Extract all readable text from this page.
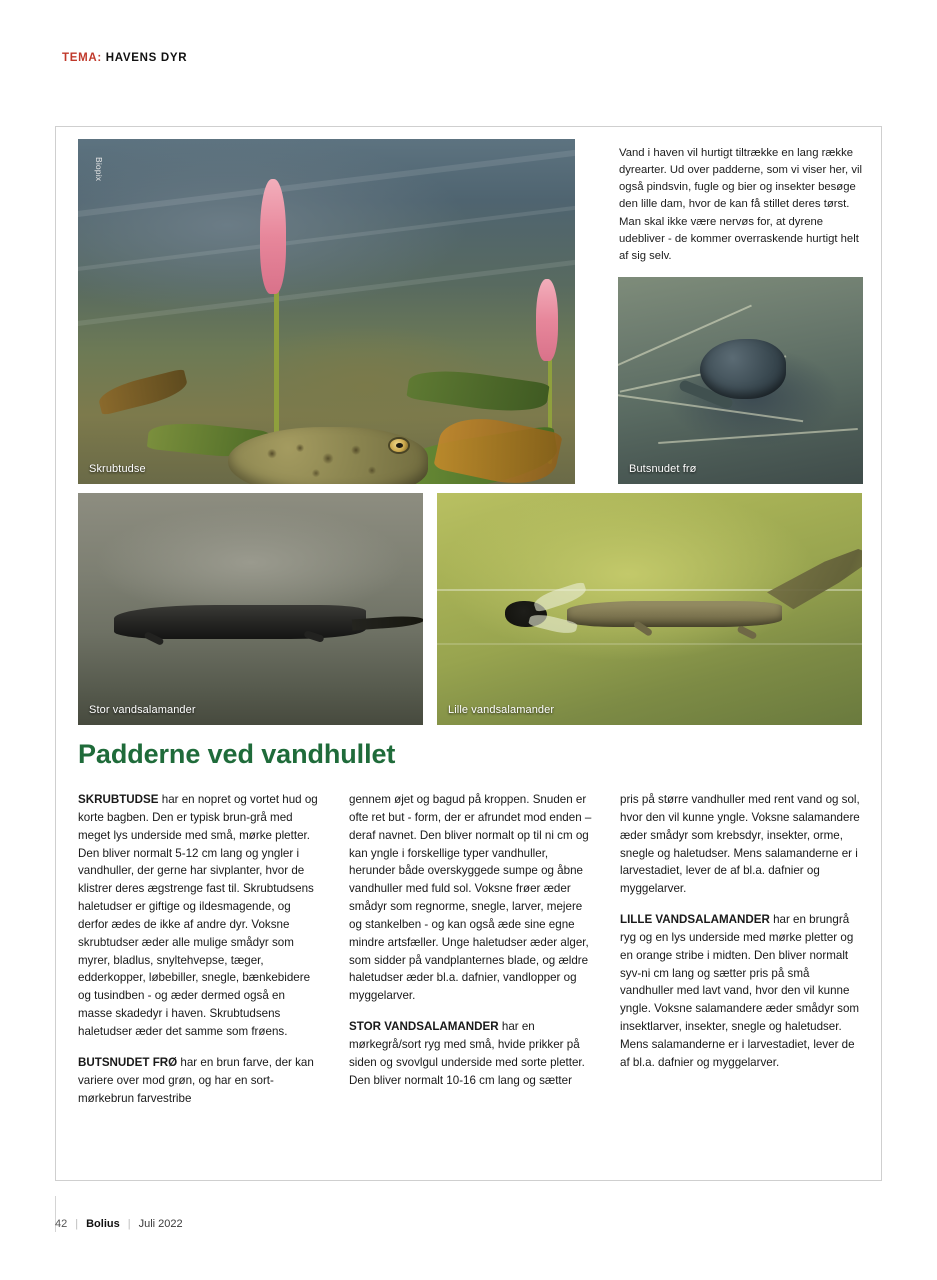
TEMA: HAVENS DYR
Biopix
Skrubtudse
Vand i haven vil hurtigt tiltrække en lang række dyrearter. Ud over padderne, som vi viser her, vil også pindsvin, fugle og bier og insekter besøge den lille dam, hvor de kan få stillet deres tørst. Man skal ikke være nervøs for, at dyrene udebliver - de kommer overraskende hurtigt helt af sig selv.
Butsnudet frø
Stor vandsalamander	Lille vandsalamander
Padderne ved vandhullet

SKRUBTUDSE har en nopret og vortet hud og korte bagben. Den er typisk brun-grå med meget lys underside med små, mørke pletter. Den bliver normalt 5-12 cm lang og yngler i vandhuller, der gerne har sivplanter, hvor de klistrer deres ægstrenge fast til. Skrubtudsens haletudser er giftige og ildesmagende, og derfor ædes de ikke af andre dyr. Voksne skrubtudser æder alle mulige smådyr som myrer, bladlus, snyltehvepse, tæger, edderkopper, løbebiller, snegle, bænkebidere og tusindben - og æder dermed også en masse skadedyr i haven. Skrubtudsens haletudser æder det samme som frøens.

BUTSNUDET FRØ har en brun farve, der kan variere over mod grøn, og har en sort-mørkebrun farvestribe

gennem øjet og bagud på kroppen. Snuden er ofte ret but - form, der er afrundet mod enden – deraf navnet. Den bliver normalt op til ni cm og kan yngle i forskellige typer vandhuller, herunder både overskyggede sumpe og åbne vandhuller med fuld sol. Voksne frøer æder smådyr som regnorme, snegle, larver, mejere og stankelben - og kan også æde sine egne mindre artsfæller. Unge haletudser æder alger, som sidder på vandplanternes blade, og ældre haletudser æder bl.a. dafnier, vandlopper og myggelarver.

STOR VANDSALAMANDER har en mørkegrå/sort ryg med små, hvide prikker på siden og svovlgul underside med sorte pletter. Den bliver normalt 10-16 cm lang og sætter

pris på større vandhuller med rent vand og sol, hvor den vil kunne yngle. Voksne salamandere æder smådyr som krebsdyr, insekter, orme, snegle og haletudser. Mens salamanderne er i larvestadiet, lever de af bl.a. dafnier og myggelarver.

LILLE VANDSALAMANDER har en brungrå ryg og en lys underside med mørke pletter og en orange stribe i midten. Den bliver normalt syv-ni cm lang og sætter pris på små vandhuller med lavt vand, hvor den vil kunne yngle. Voksne salamandere æder smådyr som insektlarver, insekter, snegle og haletudser. Mens salamanderne er i larvestadiet, lever de af bl.a. dafnier og myggelarver.

42 | Bolius | Juli 2022
